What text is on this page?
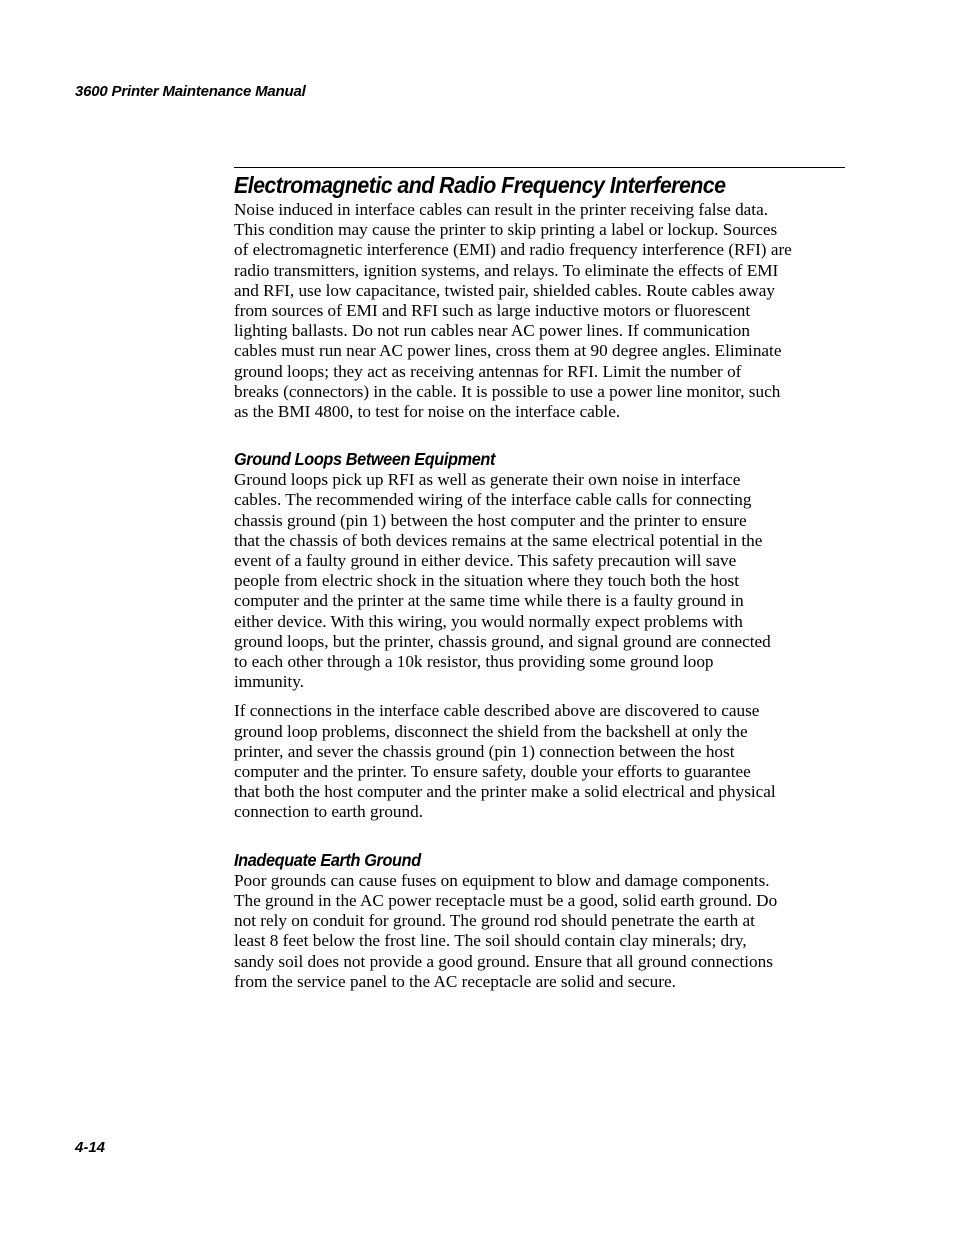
3600 Printer Maintenance Manual
Electromagnetic and Radio Frequency Interference

Noise induced in interface cables can result in the printer receiving false data.
This condition may cause the printer to skip printing a label or lockup. Sources
of electromagnetic interference (EMI) and radio frequency interference (RFI) are
radio transmitters, ignition systems, and relays. To eliminate the effects of EMI
and RFI, use low capacitance, twisted pair, shielded cables. Route cables away
from sources of EMI and RFI such as large inductive motors or fluorescent
lighting ballasts. Do not run cables near AC power lines. If communication
cables must run near AC power lines, cross them at 90 degree angles. Eliminate
ground loops; they act as receiving antennas for RFI. Limit the number of
breaks (connectors) in the cable. It is possible to use a power line monitor, such
as the BMI 4800, to test for noise on the interface cable.

Ground Loops Between Equipment

Ground loops pick up RFI as well as generate their own noise in interface
cables. The recommended wiring of the interface cable calls for connecting
chassis ground (pin 1) between the host computer and the printer to ensure
that the chassis of both devices remains at the same electrical potential in the
event of a faulty ground in either device. This safety precaution will save
people from electric shock in the situation where they touch both the host
computer and the printer at the same time while there is a faulty ground in
either device. With this wiring, you would normally expect problems with
ground loops, but the printer, chassis ground, and signal ground are connected
to each other through a 10k resistor, thus providing some ground loop
immunity.

If connections in the interface cable described above are discovered to cause
ground loop problems, disconnect the shield from the backshell at only the
printer, and sever the chassis ground (pin 1) connection between the host
computer and the printer. To ensure safety, double your efforts to guarantee
that both the host computer and the printer make a solid electrical and physical
connection to earth ground.

Inadequate Earth Ground

Poor grounds can cause fuses on equipment to blow and damage components.
The ground in the AC power receptacle must be a good, solid earth ground. Do
not rely on conduit for ground. The ground rod should penetrate the earth at
least 8 feet below the frost line. The soil should contain clay minerals; dry,
sandy soil does not provide a good ground. Ensure that all ground connections
from the service panel to the AC receptacle are solid and secure.

4-14
